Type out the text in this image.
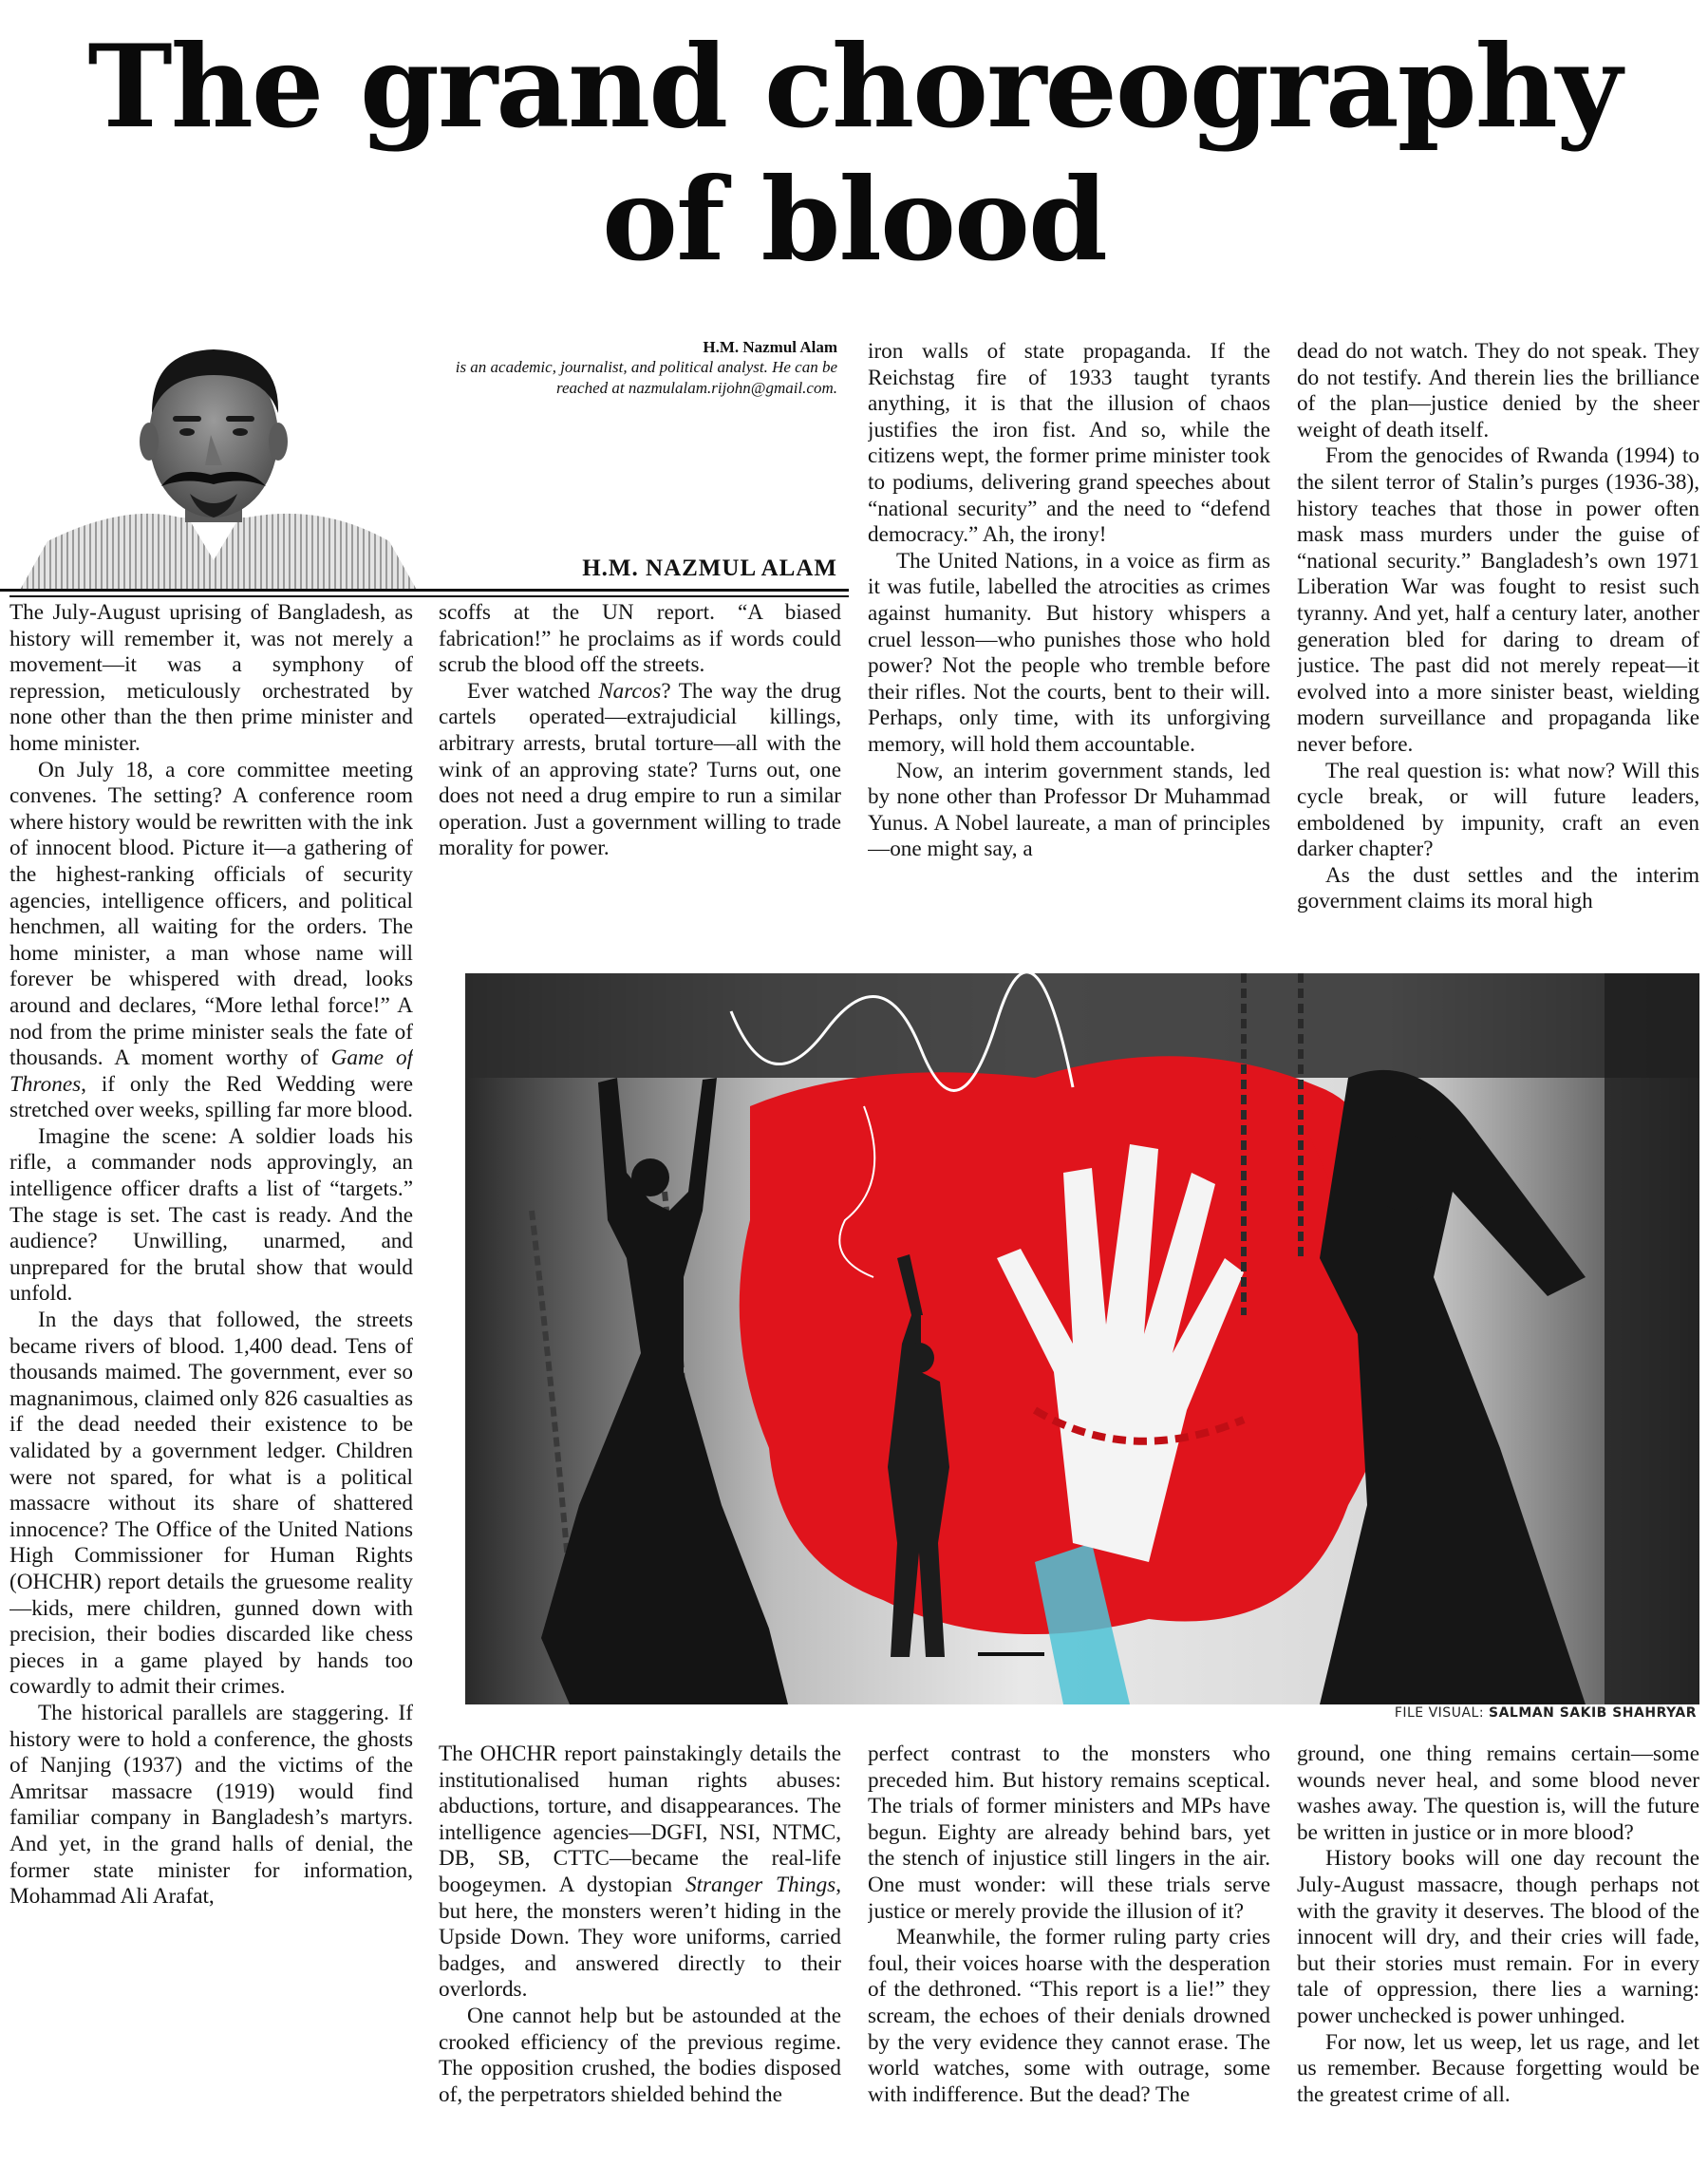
The grand choreography
of blood
H.M. Nazmul Alam
is an academic, journalist, and political analyst. He can be reached at nazmulalam.rijohn@gmail.com.
H.M. NAZMUL ALAM

The July-August uprising of Bangladesh, as history will remember it, was not merely a movement—it was a symphony of repression, meticulously orchestrated by none other than the then prime minister and home minister.

On July 18, a core committee meeting convenes. The setting? A conference room where history would be rewritten with the ink of innocent blood. Picture it—a gathering of the highest-ranking officials of security agencies, intelligence officers, and political henchmen, all waiting for the orders. The home minister, a man whose name will forever be whispered with dread, looks around and declares, “More lethal force!” A nod from the prime minister seals the fate of thousands. A moment worthy of Game of Thrones, if only the Red Wedding were stretched over weeks, spilling far more blood.

Imagine the scene: A soldier loads his rifle, a commander nods approvingly, an intelligence officer drafts a list of “targets.” The stage is set. The cast is ready. And the audience? Unwilling, unarmed, and unprepared for the brutal show that would unfold.

In the days that followed, the streets became rivers of blood. 1,400 dead. Tens of thousands maimed. The government, ever so magnanimous, claimed only 826 casualties as if the dead needed their existence to be validated by a government ledger. Children were not spared, for what is a political massacre without its share of shattered innocence? The Office of the United Nations High Commissioner for Human Rights (OHCHR) report details the gruesome reality—kids, mere children, gunned down with precision, their bodies discarded like chess pieces in a game played by hands too cowardly to admit their crimes.

The historical parallels are staggering. If history were to hold a conference, the ghosts of Nanjing (1937) and the victims of the Amritsar massacre (1919) would find familiar company in Bangladesh’s martyrs. And yet, in the grand halls of denial, the former state minister for information, Mohammad Ali Arafat,

scoffs at the UN report. “A biased fabrication!” he proclaims as if words could scrub the blood off the streets.

Ever watched Narcos? The way the drug cartels operated—extrajudicial killings, arbitrary arrests, brutal torture—all with the wink of an approving state? Turns out, one does not need a drug empire to run a similar operation. Just a government willing to trade morality for power.

iron walls of state propaganda. If the Reichstag fire of 1933 taught tyrants anything, it is that the illusion of chaos justifies the iron fist. And so, while the citizens wept, the former prime minister took to podiums, delivering grand speeches about “national security” and the need to “defend democracy.” Ah, the irony!

The United Nations, in a voice as firm as it was futile, labelled the atrocities as crimes against humanity. But history whispers a cruel lesson—who punishes those who hold power? Not the people who tremble before their rifles. Not the courts, bent to their will. Perhaps, only time, with its unforgiving memory, will hold them accountable.

Now, an interim government stands, led by none other than Professor Dr Muhammad Yunus. A Nobel laureate, a man of principles—one might say, a

dead do not watch. They do not speak. They do not testify. And therein lies the brilliance of the plan—justice denied by the sheer weight of death itself.

From the genocides of Rwanda (1994) to the silent terror of Stalin’s purges (1936-38), history teaches that those in power often mask mass murders under the guise of “national security.” Bangladesh’s own 1971 Liberation War was fought to resist such tyranny. And yet, half a century later, another generation bled for daring to dream of justice. The past did not merely repeat—it evolved into a more sinister beast, wielding modern surveillance and propaganda like never before.

The real question is: what now? Will this cycle break, or will future leaders, emboldened by impunity, craft an even darker chapter?

As the dust settles and the interim government claims its moral high

FILE VISUAL: SALMAN SAKIB SHAHRYAR

The OHCHR report painstakingly details the institutionalised human rights abuses: abductions, torture, and disappearances. The intelligence agencies—DGFI, NSI, NTMC, DB, SB, CTTC—became the real-life boogeymen. A dystopian Stranger Things, but here, the monsters weren’t hiding in the Upside Down. They wore uniforms, carried badges, and answered directly to their overlords.

One cannot help but be astounded at the crooked efficiency of the previous regime. The opposition crushed, the bodies disposed of, the perpetrators shielded behind the

perfect contrast to the monsters who preceded him. But history remains sceptical. The trials of former ministers and MPs have begun. Eighty are already behind bars, yet the stench of injustice still lingers in the air. One must wonder: will these trials serve justice or merely provide the illusion of it?

Meanwhile, the former ruling party cries foul, their voices hoarse with the desperation of the dethroned. “This report is a lie!” they scream, the echoes of their denials drowned by the very evidence they cannot erase. The world watches, some with outrage, some with indifference. But the dead? The

ground, one thing remains certain—some wounds never heal, and some blood never washes away. The question is, will the future be written in justice or in more blood?

History books will one day recount the July-August massacre, though perhaps not with the gravity it deserves. The blood of the innocent will dry, and their cries will fade, but their stories must remain. For in every tale of oppression, there lies a warning: power unchecked is power unhinged.

For now, let us weep, let us rage, and let us remember. Because forgetting would be the greatest crime of all.
